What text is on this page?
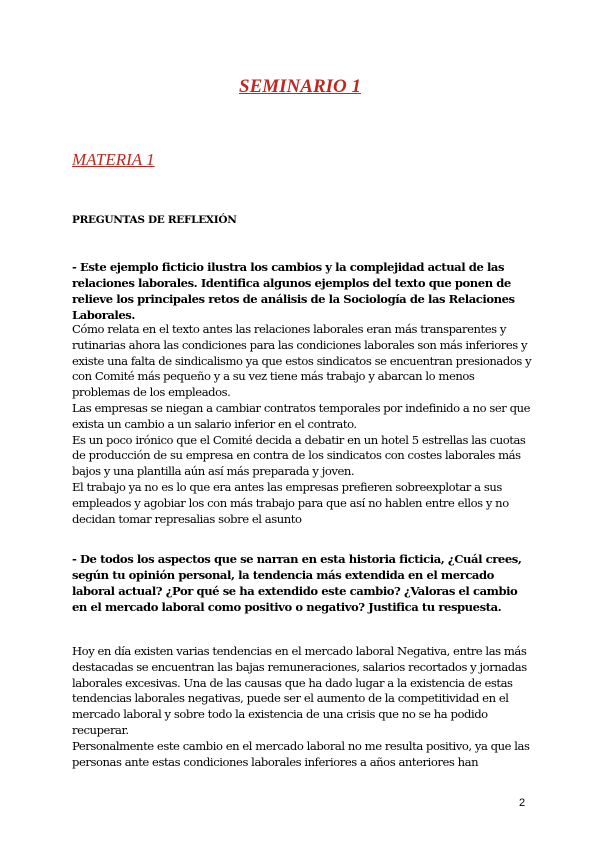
SEMINARIO 1
MATERIA 1
PREGUNTAS DE REFLEXIÓN
- Este ejemplo ficticio ilustra los cambios y la complejidad actual de las relaciones laborales. Identifica algunos ejemplos del texto que ponen de relieve los principales retos de análisis de la Sociología de las Relaciones Laborales.

Cómo relata en el texto antes las relaciones laborales eran más transparentes y rutinarias ahora las condiciones para las condiciones laborales son más inferiores y existe una falta de sindicalismo ya que estos sindicatos se encuentran presionados y con Comité más pequeño y a su vez tiene más trabajo y abarcan lo menos problemas de los empleados.

Las empresas se niegan a cambiar contratos temporales por indefinido a no ser que exista un cambio a un salario inferior en el contrato.

Es un poco irónico que el Comité decida a debatir en un hotel 5 estrellas las cuotas de producción de su empresa en contra de los sindicatos con costes laborales más bajos y una plantilla aún así más preparada y joven.

El trabajo ya no es lo que era antes las empresas prefieren sobreexplotar a sus empleados y agobiar los con más trabajo para que así no hablen entre ellos y no decidan tomar represalias sobre el asunto

- De todos los aspectos que se narran en esta historia ficticia, ¿Cuál crees, según tu opinión personal, la tendencia más extendida en el mercado laboral actual? ¿Por qué se ha extendido este cambio? ¿Valoras el cambio en el mercado laboral como positivo o negativo? Justifica tu respuesta.

Hoy en día existen varias tendencias en el mercado laboral Negativa, entre las más destacadas se encuentran las bajas remuneraciones, salarios recortados y jornadas laborales excesivas. Una de las causas que ha dado lugar a la existencia de estas tendencias laborales negativas, puede ser el aumento de la competitividad en el mercado laboral y sobre todo la existencia de una crisis que no se ha podido recuperar.

Personalmente este cambio en el mercado laboral no me resulta positivo, ya que las personas ante estas condiciones laborales inferiores a años anteriores han

2
